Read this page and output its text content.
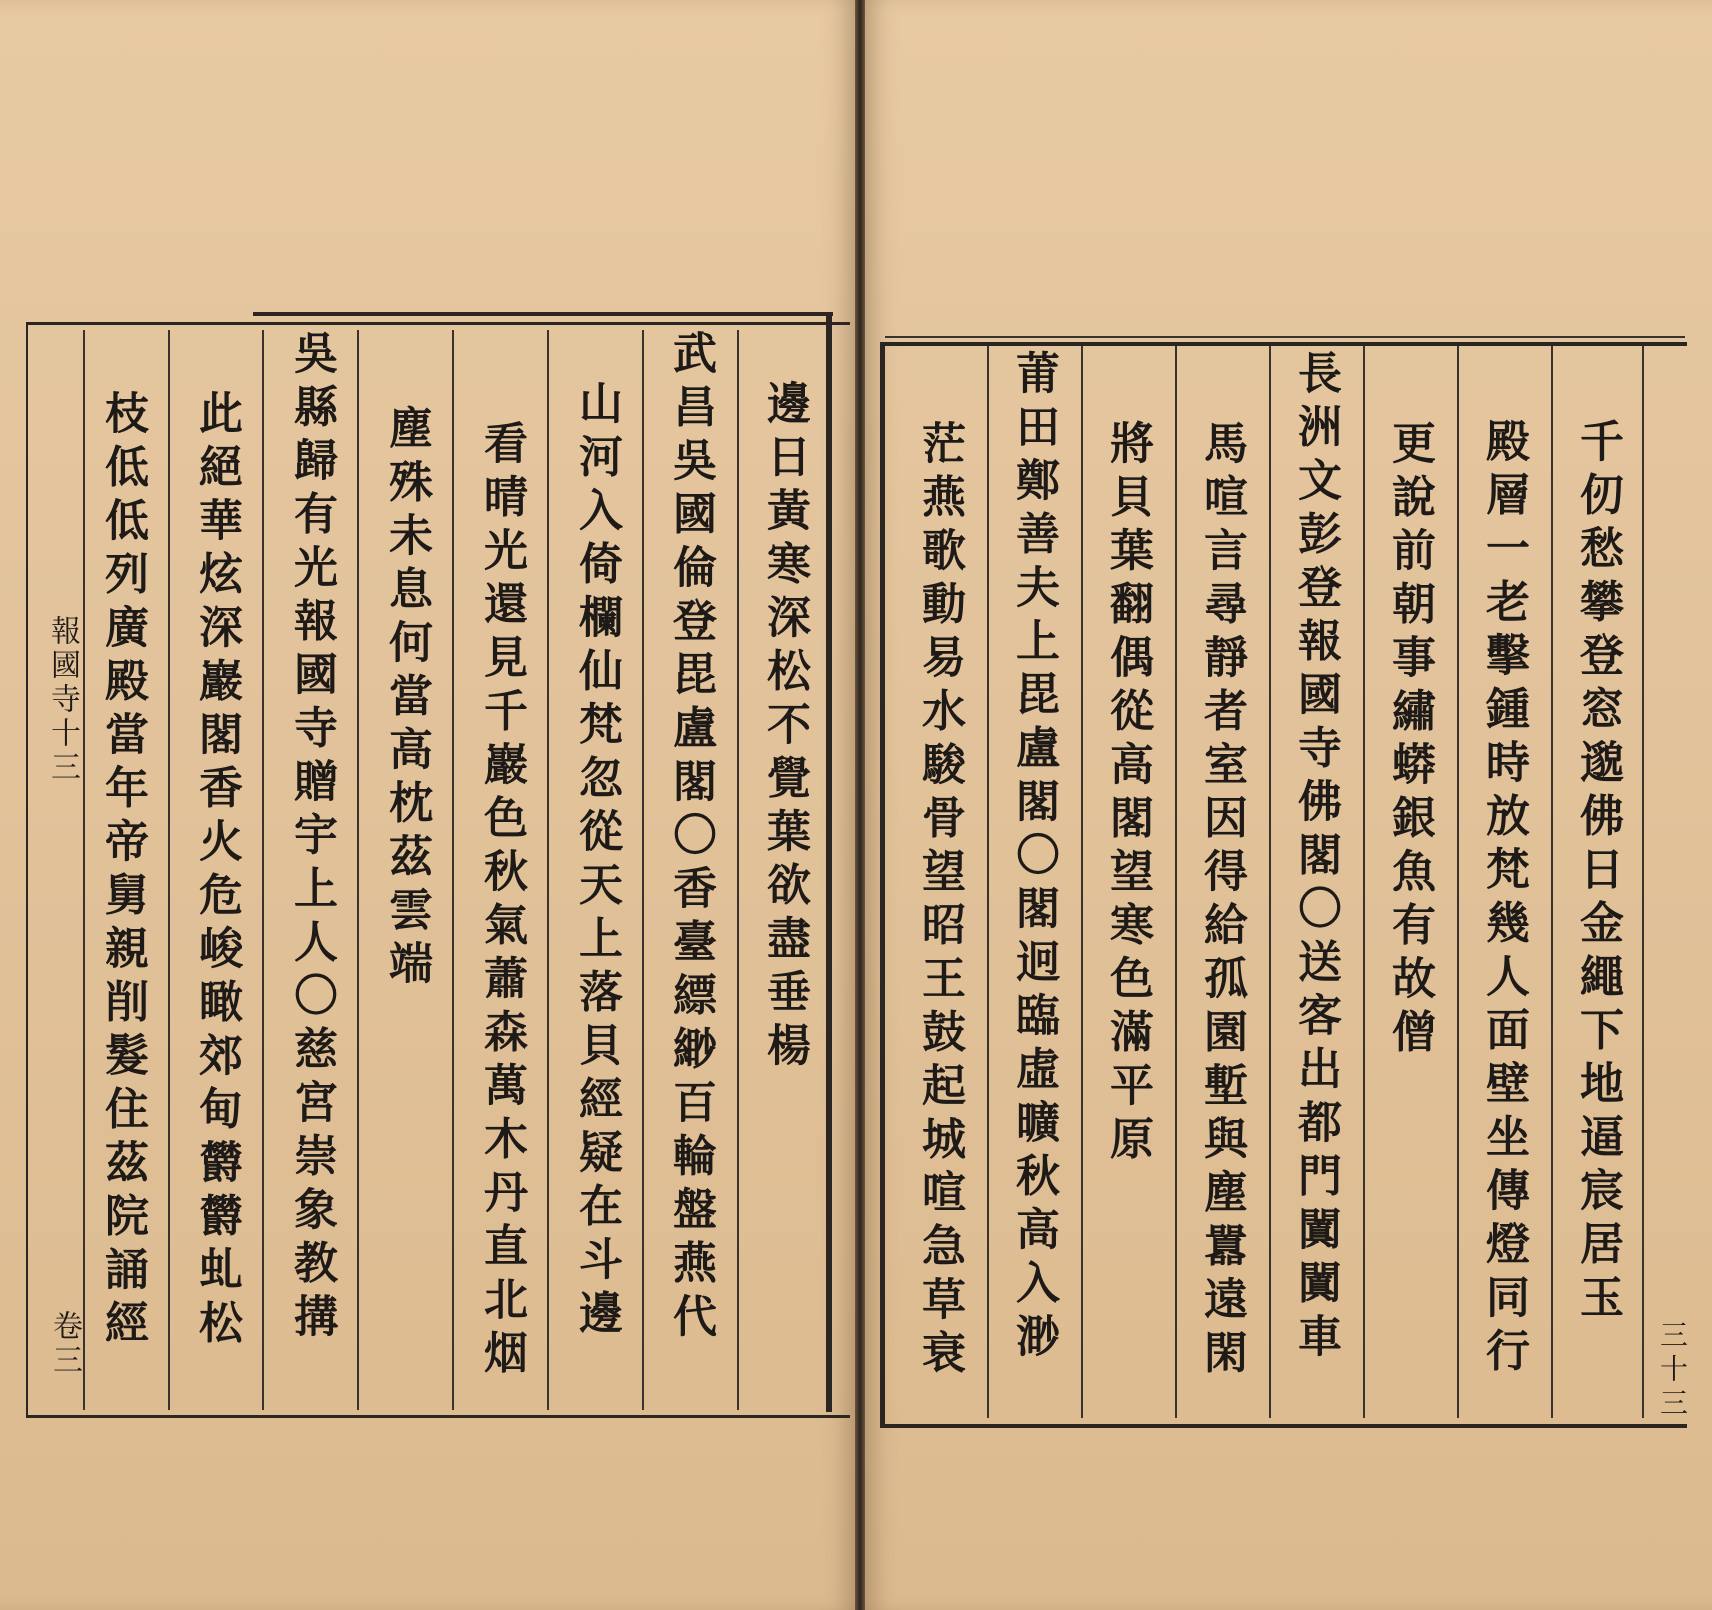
報國寺十三
卷三
邊日黃寒深松不覺葉欲盡垂楊
武昌吳國倫登毘盧閣〇香臺縹緲百輪盤燕代
山河入倚欄仙梵忽從天上落貝經疑在斗邊
看晴光還見千巖色秋氣蕭森萬木丹直北烟
塵殊未息何當高枕茲雲端
吳縣歸有光報國寺贈宇上人〇慈宮崇象教搆
此絕華炫深巖閣香火危峻瞰郊甸欝欝虬松
枝低低列廣殿當年帝舅親削髮住茲院誦經
三十三
千仞愁攀登窓邈佛日金繩下地逼宸居玉
殿層一老擊鍾時放梵幾人面壁坐傳燈同行
更說前朝事繡蟒銀魚有故僧
長洲文彭登報國寺佛閣〇送客出都門闐闐車
馬喧言尋靜者室因得給孤園塹與塵囂遠閑
將貝葉翻偶從高閣望寒色滿平原
莆田鄭善夫上毘盧閣〇閣迥臨虛曠秋高入渺
茫燕歌動易水駿骨望昭王鼓起城喧急草衰
